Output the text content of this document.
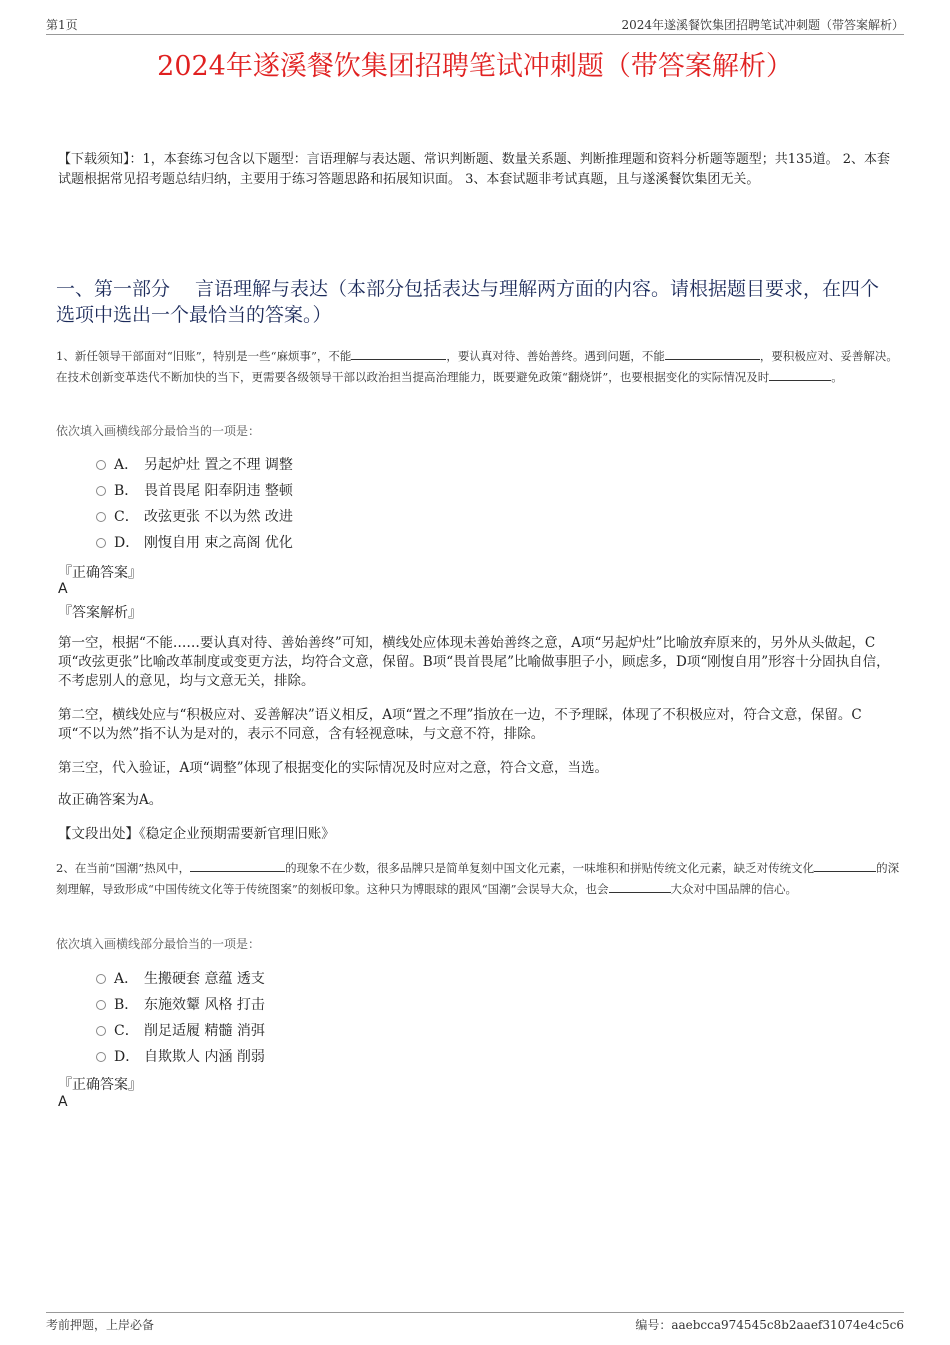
第1页	2024年遂溪餐饮集团招聘笔试冲刺题（带答案解析）
2024年遂溪餐饮集团招聘笔试冲刺题（带答案解析）
【下载须知】：1，本套练习包含以下题型：言语理解与表达题、常识判断题、数量关系题、判断推理题和资料分析题等题型；共135道。 2、本套试题根据常见招考题总结归纳，主要用于练习答题思路和拓展知识面。 3、本套试题非考试真题，且与遂溪餐饮集团无关。
一、第一部分　 言语理解与表达（本部分包括表达与理解两方面的内容。请根据题目要求，在四个选项中选出一个最恰当的答案。）
1、新任领导干部面对“旧账”，特别是一些“麻烦事”，不能	，要认真对待、善始善终。遇到问题，不能	，要积极应对、妥善解决。在技术创新变革迭代不断加快的当下，更需要各级领导干部以政治担当提高治理能力，既要避免政策“翻烧饼”，也要根据变化的实际情况及时	。
依次填入画横线部分最恰当的一项是：
A． 另起炉灶 置之不理 调整
B． 畏首畏尾 阳奉阴违 整顿
C． 改弦更张 不以为然 改进
D． 刚愎自用 束之高阁 优化
『正确答案』
A
『答案解析』
第一空，根据“不能……要认真对待、善始善终”可知，横线处应体现未善始善终之意，A项“另起炉灶”比喻放弃原来的，另外从头做起，C项“改弦更张”比喻改革制度或变更方法，均符合文意，保留。B项“畏首畏尾”比喻做事胆子小，顾虑多，D项“刚愎自用”形容十分固执自信，不考虑别人的意见，均与文意无关，排除。
第二空，横线处应与“积极应对、妥善解决”语义相反，A项“置之不理”指放在一边，不予理睬，体现了不积极应对，符合文意，保留。C项“不以为然”指不认为是对的，表示不同意，含有轻视意味，与文意不符，排除。
第三空，代入验证，A项“调整”体现了根据变化的实际情况及时应对之意，符合文意，当选。
故正确答案为A。
【文段出处】《稳定企业预期需要新官理旧账》
2、在当前“国潮”热风中，	的现象不在少数，很多品牌只是简单复刻中国文化元素，一味堆积和拼贴传统文化元素，缺乏对传统文化	的深刻理解，导致形成“中国传统文化等于传统图案”的刻板印象。这种只为博眼球的跟风“国潮”会误导大众，也会	大众对中国品牌的信心。
依次填入画横线部分最恰当的一项是：
A． 生搬硬套 意蕴 透支
B． 东施效颦 风格 打击
C． 削足适履 精髓 消弭
D． 自欺欺人 内涵 削弱
『正确答案』
A
考前押题，上岸必备	编号：aaebcca974545c8b2aaef31074e4c5c6
